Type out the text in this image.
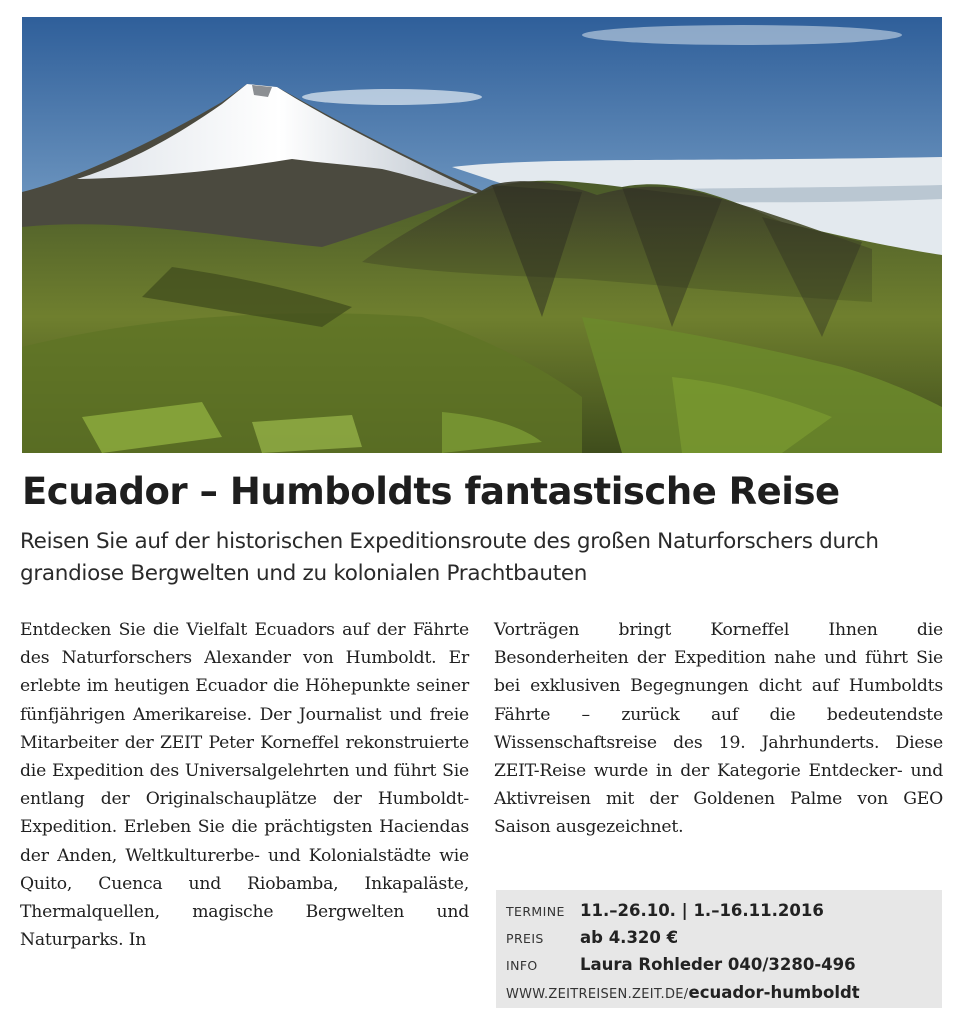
Ecuador – Humboldts fantastische Reise
Reisen Sie auf der historischen Expeditionsroute des großen Naturforschers durch grandiose Bergwelten und zu kolonialen Prachtbauten
Entdecken Sie die Vielfalt Ecuadors auf der Fährte des Naturforschers Alexander von Humboldt. Er erlebte im heutigen Ecuador die Höhepunkte seiner fünfjährigen Amerikareise. Der Journalist und freie Mitarbeiter der ZEIT Peter Korneffel rekonstruierte die Expedition des Universalgelehrten und führt Sie entlang der Originalschauplätze der Humboldt-Expedition. Erleben Sie die prächtigsten Haciendas der Anden, Weltkulturerbe- und Kolonialstädte wie Quito, Cuenca und Riobamba, Inkapaläste, Thermalquellen, magische Bergwelten und Naturparks. In
Vorträgen bringt Korneffel Ihnen die Besonderheiten der Expedition nahe und führt Sie bei exklusiven Begegnungen dicht auf Humboldts Fährte – zurück auf die bedeutendste Wissenschaftsreise des 19. Jahrhunderts. Diese ZEIT-Reise wurde in der Kategorie Entdecker- und Aktivreisen mit der Goldenen Palme von GEO Saison ausgezeichnet.
TERMINE 11.–26.10. | 1.–16.11.2016
PREIS ab 4.320 €
INFO	Laura Rohleder 040/3280-496
WWW.ZEITREISEN.ZEIT.DE/ecuador-humboldt
